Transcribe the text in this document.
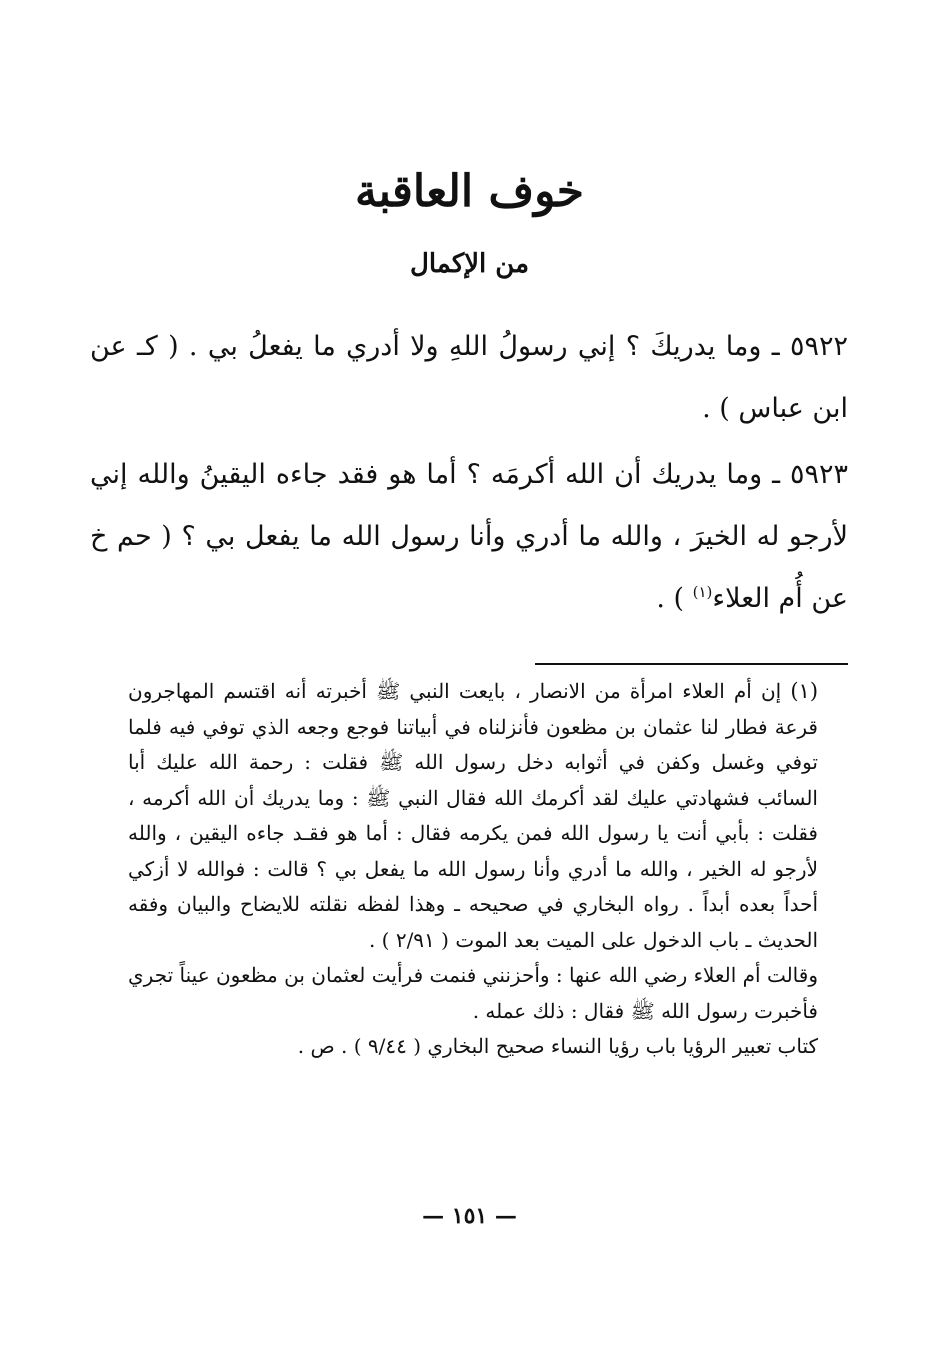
خوف العاقبة
من الإكمال

٥٩٢٢ ـ وما يدريكَ ؟ إني رسولُ اللهِ ولا أدري ما يفعلُ بي . ( كـ عن ابن عباس ) .

٥٩٢٣ ـ وما يدريك أن الله أكرمَه ؟ أما هو فقد جاءه اليقينُ والله إني لأرجو له الخيرَ ، والله ما أدري وأنا رسول الله ما يفعل بي ؟ ( حم خ عن أُم العلاء$^{(١)}$ ) .

(١) إن أم العلاء امرأة من الانصار ، بايعت النبي ﷺ أخبرته أنه اقتسم المهاجرون قرعة فطار لنا عثمان بن مظعون فأنزلناه في أبياتنا فوجع وجعه الذي توفي فيه فلما توفي وغسل وكفن في أثوابه دخل رسول الله ﷺ فقلت : رحمة الله عليك أبا السائب فشهادتي عليك لقد أكرمك الله فقال النبي ﷺ : وما يدريك أن الله أكرمه ، فقلت : بأبي أنت يا رسول الله فمن يكرمه فقال : أما هو فقـد جاءه اليقين ، والله لأرجو له الخير ، والله ما أدري وأنا رسول الله ما يفعل بي ؟ قالت : فوالله لا أزكي أحداً بعده أبداً . رواه البخاري في صحيحه ـ وهذا لفظه نقلته للايضاح والبيان وفقه الحديث ـ باب الدخول على الميت بعد الموت ( ٢/٩١ ) .

وقالت أم العلاء رضي الله عنها : وأحزنني فنمت فرأيت لعثمان بن مظعون عيناً تجري فأخبرت رسول الله ﷺ فقال : ذلك عمله .

كتاب تعبير الرؤيا باب رؤيا النساء صحيح البخاري ( ٩/٤٤ ) . ص .

— ١٥١ —
